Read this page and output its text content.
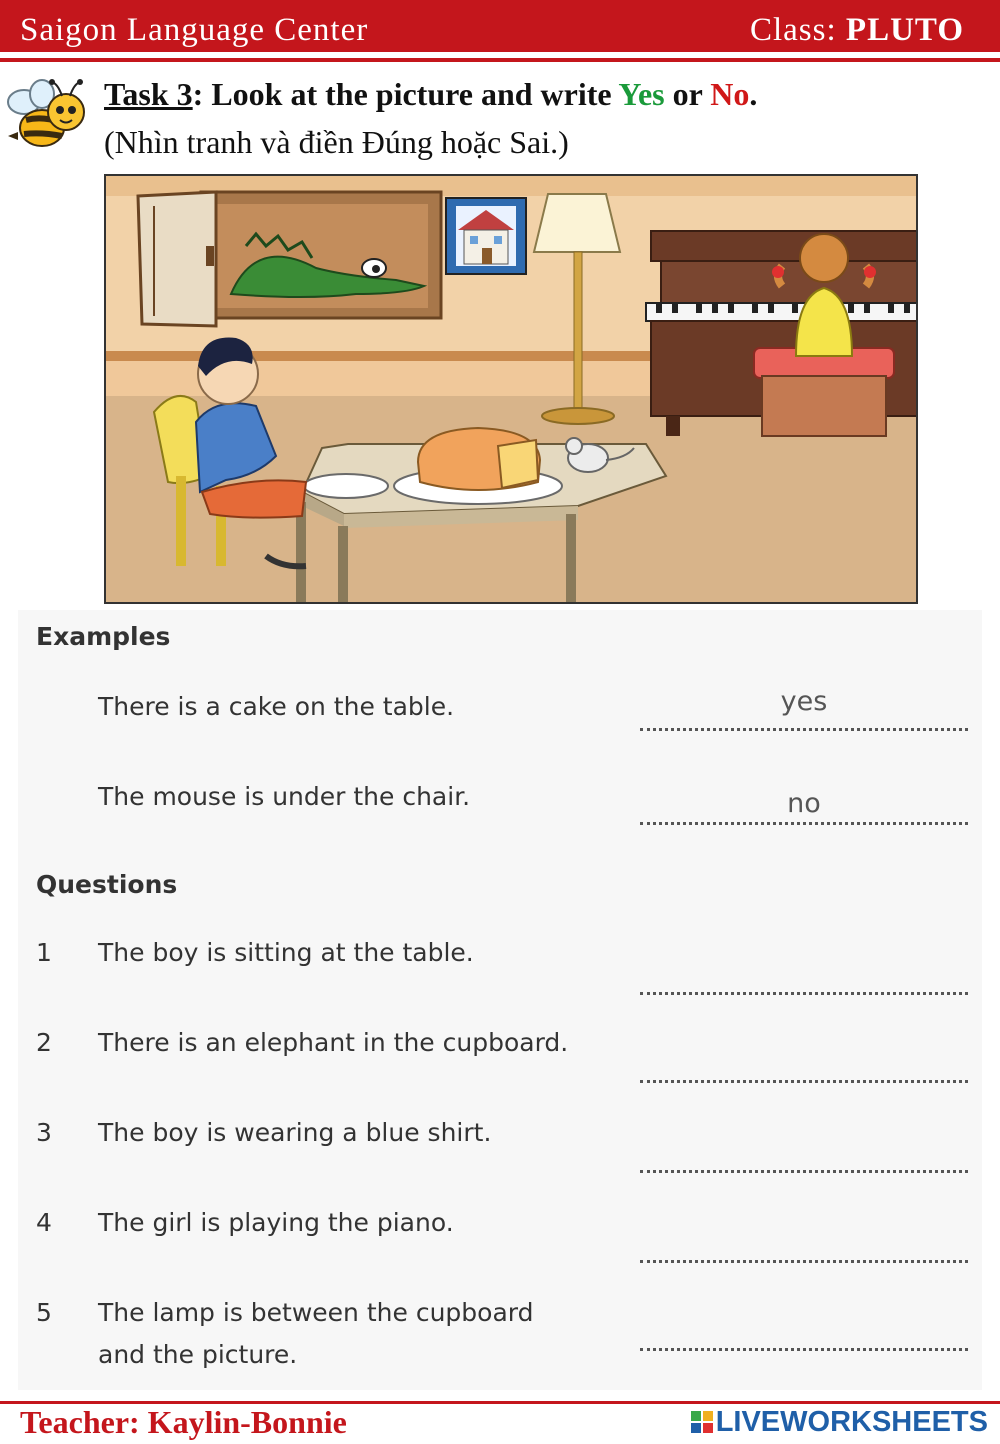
Saigon Language Center	Class: PLUTO
Task 3: Look at the picture and write Yes or No.
(Nhìn tranh và điền Đúng hoặc Sai.)
Examples
There is a cake on the table.	yes
The mouse is under the chair.	no
Questions
1 The boy is sitting at the table.
2 There is an elephant in the cupboard.
3 The boy is wearing a blue shirt.
4 The girl is playing the piano.
5 The lamp is between the cupboard
and the picture.
Teacher: Kaylin-Bonnie	LIVEWORKSHEETS
